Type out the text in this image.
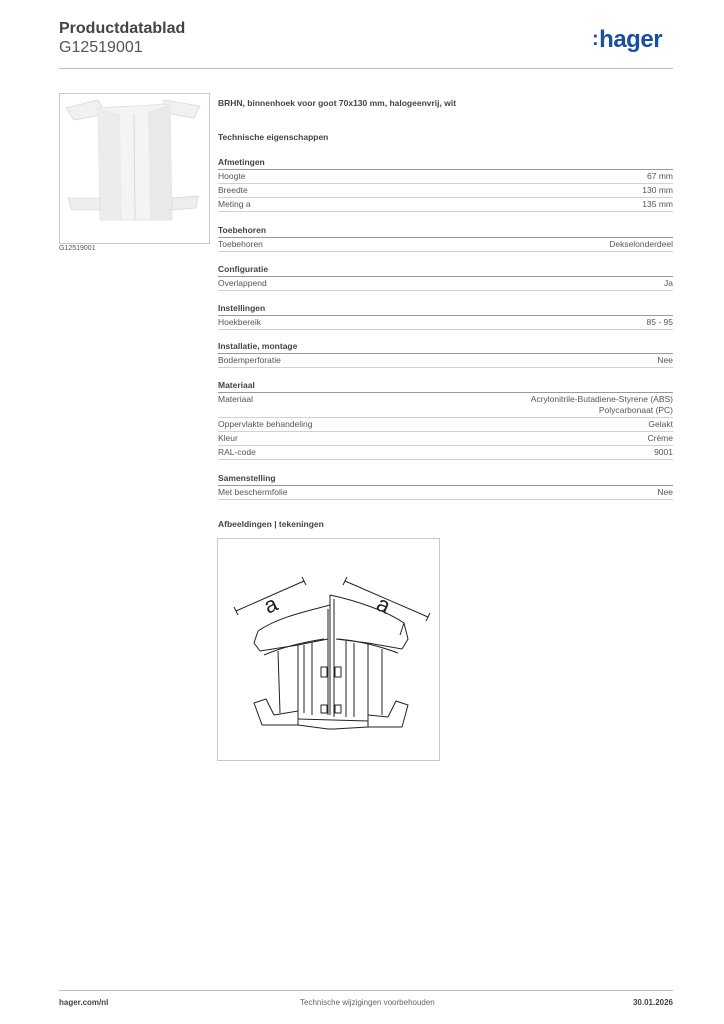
Productdatablad
G12519001	:hager
G12519001
BRHN, binnenhoek voor goot 70x130 mm, halogeenvrij, wit
Technische eigenschappen
Afmetingen
Hoogte	67 mm
Breedte	130 mm
Meting a	135 mm
Toebehoren
Toebehoren	Dekselonderdeel
Configuratie
Overlappend	Ja
Instellingen
Hoekbereik	85 - 95
Installatie, montage
Bodemperforatie	Nee
Materiaal
Materiaal	Acrylonitrile-Butadiene-Styrene (ABS)
Polycarbonaat (PC)
Oppervlakte behandeling	Gelakt
Kleur	Crème
RAL-code	9001
Samenstelling
Met beschermfolie	Nee
Afbeeldingen | tekeningen
a	a
hager.com/nl	Technische wijzigingen voorbehouden	30.01.2026
